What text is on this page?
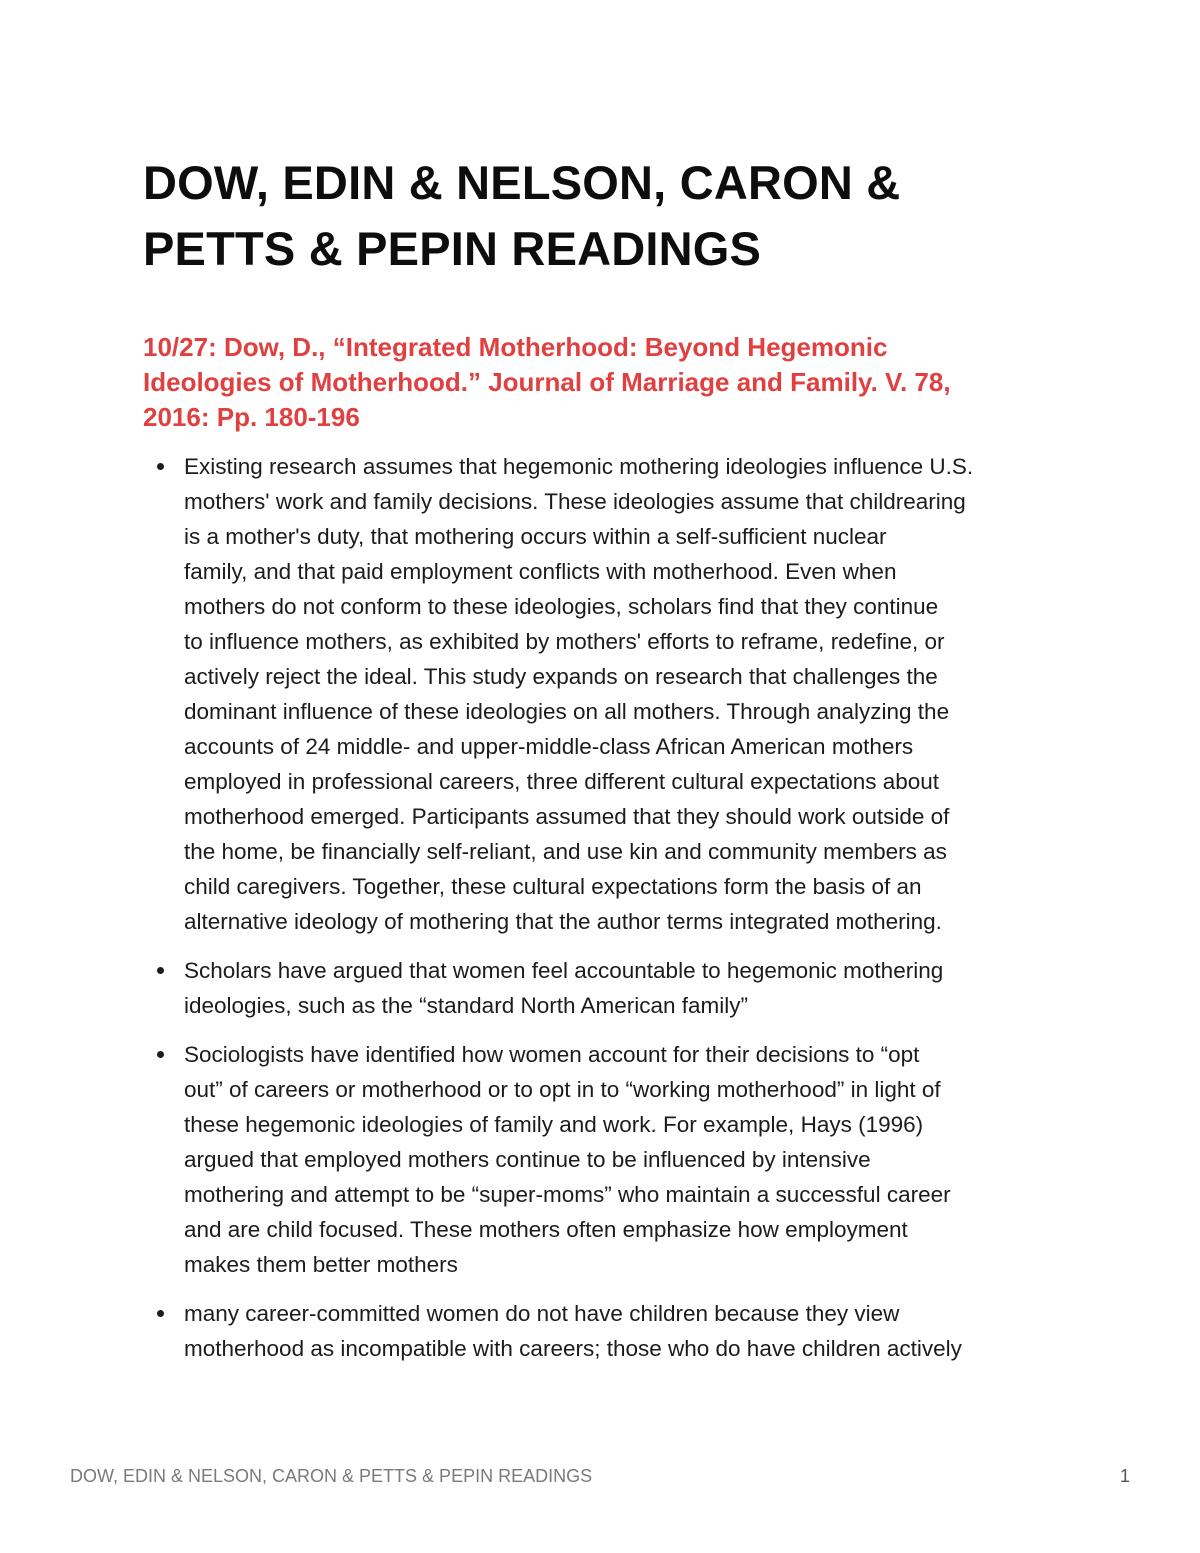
DOW, EDIN & NELSON, CARON &
PETTS & PEPIN READINGS
10/27: Dow, D., “Integrated Motherhood: Beyond Hegemonic
Ideologies of Motherhood.” Journal of Marriage and Family. V. 78,
2016: Pp. 180-196
Existing research assumes that hegemonic mothering ideologies influence U.S.
mothers' work and family decisions. These ideologies assume that childrearing
is a mother's duty, that mothering occurs within a self-sufficient nuclear
family, and that paid employment conflicts with motherhood. Even when
mothers do not conform to these ideologies, scholars find that they continue
to influence mothers, as exhibited by mothers' efforts to reframe, redefine, or
actively reject the ideal. This study expands on research that challenges the
dominant influence of these ideologies on all mothers. Through analyzing the
accounts of 24 middle- and upper-middle-class African American mothers
employed in professional careers, three different cultural expectations about
motherhood emerged. Participants assumed that they should work outside of
the home, be financially self-reliant, and use kin and community members as
child caregivers. Together, these cultural expectations form the basis of an
alternative ideology of mothering that the author terms integrated mothering.
Scholars have argued that women feel accountable to hegemonic mothering
ideologies, such as the “standard North American family”
Sociologists have identified how women account for their decisions to “opt
out” of careers or motherhood or to opt in to “working motherhood” in light of
these hegemonic ideologies of family and work. For example, Hays (1996)
argued that employed mothers continue to be influenced by intensive
mothering and attempt to be “super-moms” who maintain a successful career
and are child focused. These mothers often emphasize how employment
makes them better mothers
many career-committed women do not have children because they view
motherhood as incompatible with careers; those who do have children actively
DOW, EDIN & NELSON, CARON & PETTS & PEPIN READINGS	1
